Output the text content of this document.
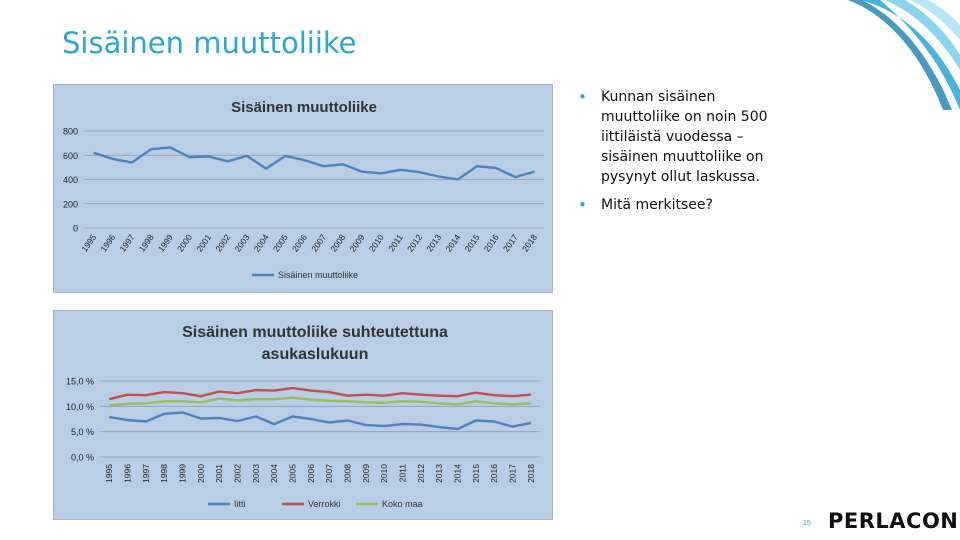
Sisäinen muuttoliike
Sisäinen muuttoliike
0
200
400
600
800
1995 1996 1997 1998 1999 2000 2001 2002 2003 2004 2005 2006 2007 2008 2009 2010 2011 2012 2013 2014 2015 2016 2017 2018
Sisäinen muuttoliike
Sisäinen muuttoliike suhteutettuna
asukaslukuun
0,0 %
5,0 %
10,0 %
15,0 %
1995 1996 1997 1998 1999 2000 2001 2002 2003 2004 2005 2006 2007 2008 2009 2010 2011 2012 2013 2014 2015 2016 2017 2018
Iitti	Verrokki	Koko maa
• Kunnan sisäinen muuttoliike on noin 500 iittiläistä vuodessa – sisäinen muuttoliike on pysynyt ollut laskussa.
• Mitä merkitsee?
15 PERLACON
